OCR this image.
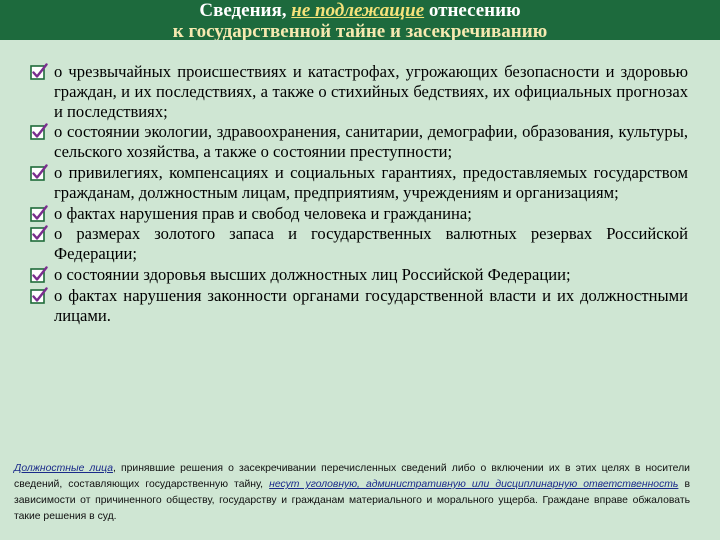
Сведения, не подлежащие отнесению
к государственной тайне и засекречиванию
о чрезвычайных происшествиях и катастрофах, угрожающих безопасности и здоровью граждан, и их последствиях, а также о стихийных бедствиях, их официальных прогнозах и последствиях;
о состоянии экологии, здравоохранения, санитарии, демографии, образования, культуры, сельского хозяйства, а также о состоянии преступности;
о привилегиях, компенсациях и социальных гарантиях, предоставляемых государством гражданам, должностным лицам, предприятиям, учреждениям и организациям;
о фактах нарушения прав и свобод человека и гражданина;
о размерах золотого запаса и государственных валютных резервах Российской Федерации;
о состоянии здоровья высших должностных лиц Российской Федерации;
о фактах нарушения законности органами государственной власти и их должностными лицами.
Должностные лица, принявшие решения о засекречивании перечисленных сведений либо о включении их в этих целях в носители сведений, составляющих государственную тайну, несут уголовную, административную или дисциплинарную ответственность в зависимости от причиненного обществу, государству и гражданам материального и морального ущерба. Граждане вправе обжаловать такие решения в суд.
